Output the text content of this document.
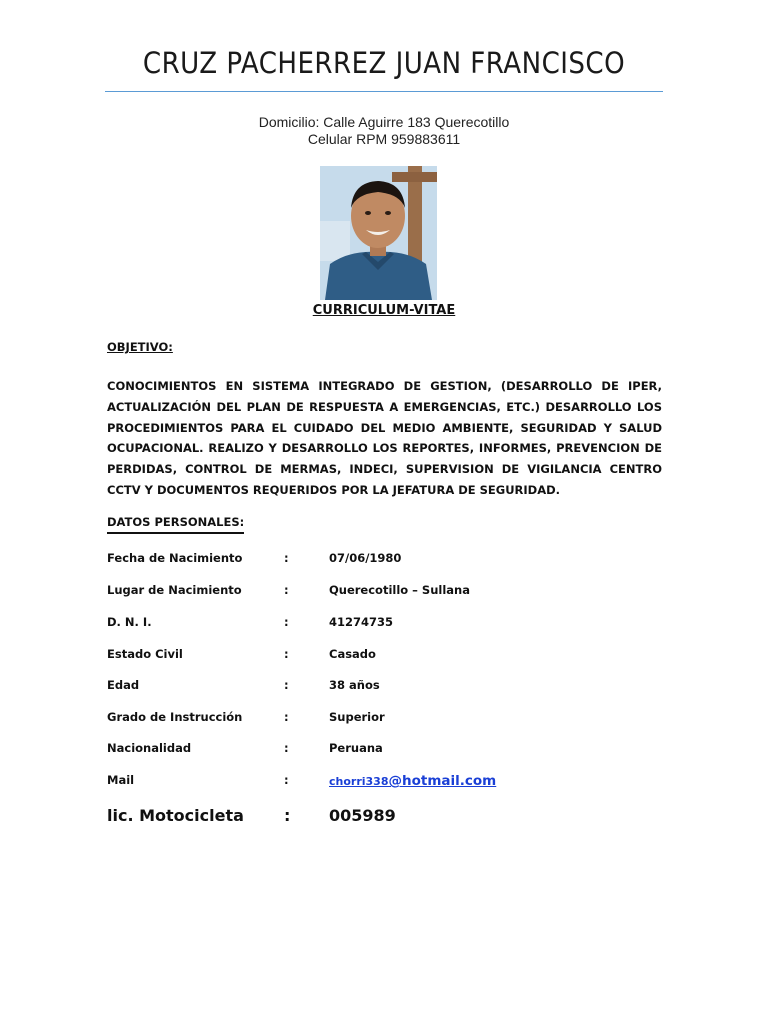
CRUZ PACHERREZ JUAN FRANCISCO
Domicilio: Calle Aguirre 183 Querecotillo
Celular RPM 959883611
CURRICULUM-VITAE
OBJETIVO:
CONOCIMIENTOS EN SISTEMA INTEGRADO DE GESTION, (DESARROLLO DE IPER, ACTUALIZACIÓN DEL PLAN DE RESPUESTA A EMERGENCIAS, ETC.) DESARROLLO LOS PROCEDIMIENTOS PARA EL CUIDADO DEL MEDIO AMBIENTE, SEGURIDAD Y SALUD OCUPACIONAL. REALIZO Y DESARROLLO LOS REPORTES, INFORMES, PREVENCION DE PERDIDAS, CONTROL DE MERMAS, INDECI, SUPERVISION DE VIGILANCIA CENTRO CCTV Y DOCUMENTOS REQUERIDOS POR LA JEFATURA DE SEGURIDAD.
DATOS PERSONALES:
Fecha de Nacimiento	:	07/06/1980
Lugar de Nacimiento	:	Querecotillo – Sullana
D. N. I.	:	41274735
Estado Civil	:	Casado
Edad	:	38 años
Grado de Instrucción	:	Superior
Nacionalidad	:	Peruana
Mail	:	chorri338@hotmail.com
lic. Motocicleta	: 005989
